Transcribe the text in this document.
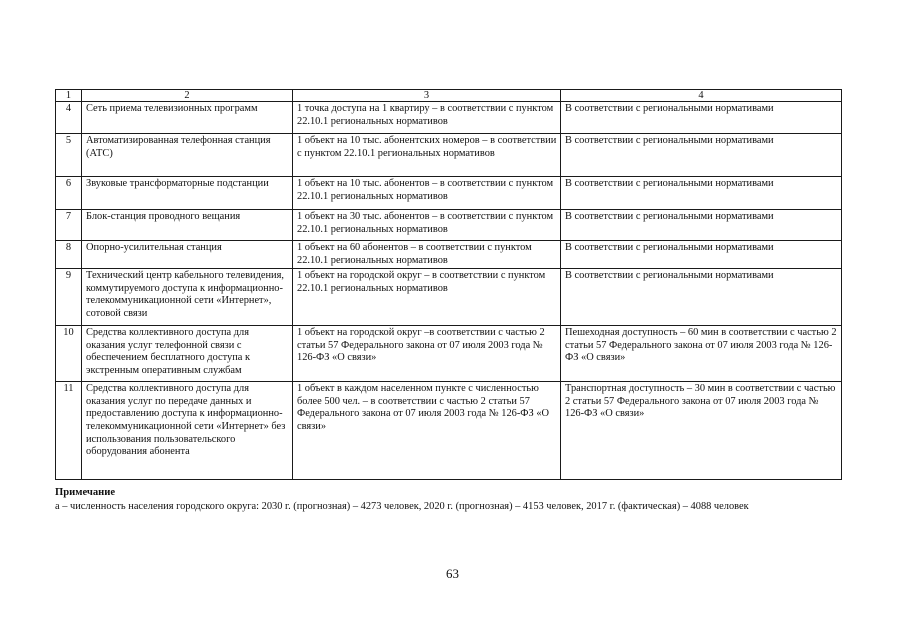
1	2	3	4
4	Сеть приема телевизионных программ	1 точка доступа на 1 квартиру – в соответствии с пунктом 22.10.1 региональных нормативов	В соответствии с региональными нормативами
5	Автоматизированная телефонная станция (АТС)	1 объект на 10 тыс. абонентских номеров – в соответствии с пунктом 22.10.1 региональных нормативов	В соответствии с региональными нормативами
6	Звуковые трансформаторные подстанции	1 объект на 10 тыс. абонентов – в соответствии с пунктом 22.10.1 региональных нормативов	В соответствии с региональными нормативами
7	Блок-станция проводного вещания	1 объект на 30 тыс. абонентов – в соответствии с пунктом 22.10.1 региональных нормативов	В соответствии с региональными нормативами
8	Опорно-усилительная станция	1 объект на 60 абонентов – в соответствии с пунктом 22.10.1 региональных нормативов	В соответствии с региональными нормативами
9	Технический центр кабельного телевидения, коммутируемого доступа к информационно-телекоммуникационной сети «Интернет», сотовой связи	1 объект на городской округ – в соответствии с пунктом 22.10.1 региональных нормативов	В соответствии с региональными нормативами
10	Средства коллективного доступа для оказания услуг телефонной связи с обеспечением бесплатного доступа к экстренным оперативным службам	1 объект на городской округ –в соответствии с частью 2 статьи 57 Федерального закона от 07 июля 2003 года № 126-ФЗ «О связи»	Пешеходная доступность – 60 мин в соответствии с частью 2 статьи 57 Федерального закона от 07 июля 2003 года № 126-ФЗ «О связи»
11	Средства коллективного доступа для оказания услуг по передаче данных и предоставлению доступа к информационно-телекоммуникационной сети «Интернет» без использования пользовательского оборудования абонента	1 объект в каждом населенном пункте с численностью более 500 чел. – в соответствии с частью 2 статьи 57 Федерального закона от 07 июля 2003 года № 126-ФЗ «О связи»	Транспортная доступность – 30 мин в соответствии с частью 2 статьи 57 Федерального закона от 07 июля 2003 года № 126-ФЗ «О связи»
Примечание
а – численность населения городского округа: 2030 г. (прогнозная) – 4273 человек, 2020 г. (прогнозная) – 4153 человек, 2017 г. (фактическая) – 4088 человек
63
